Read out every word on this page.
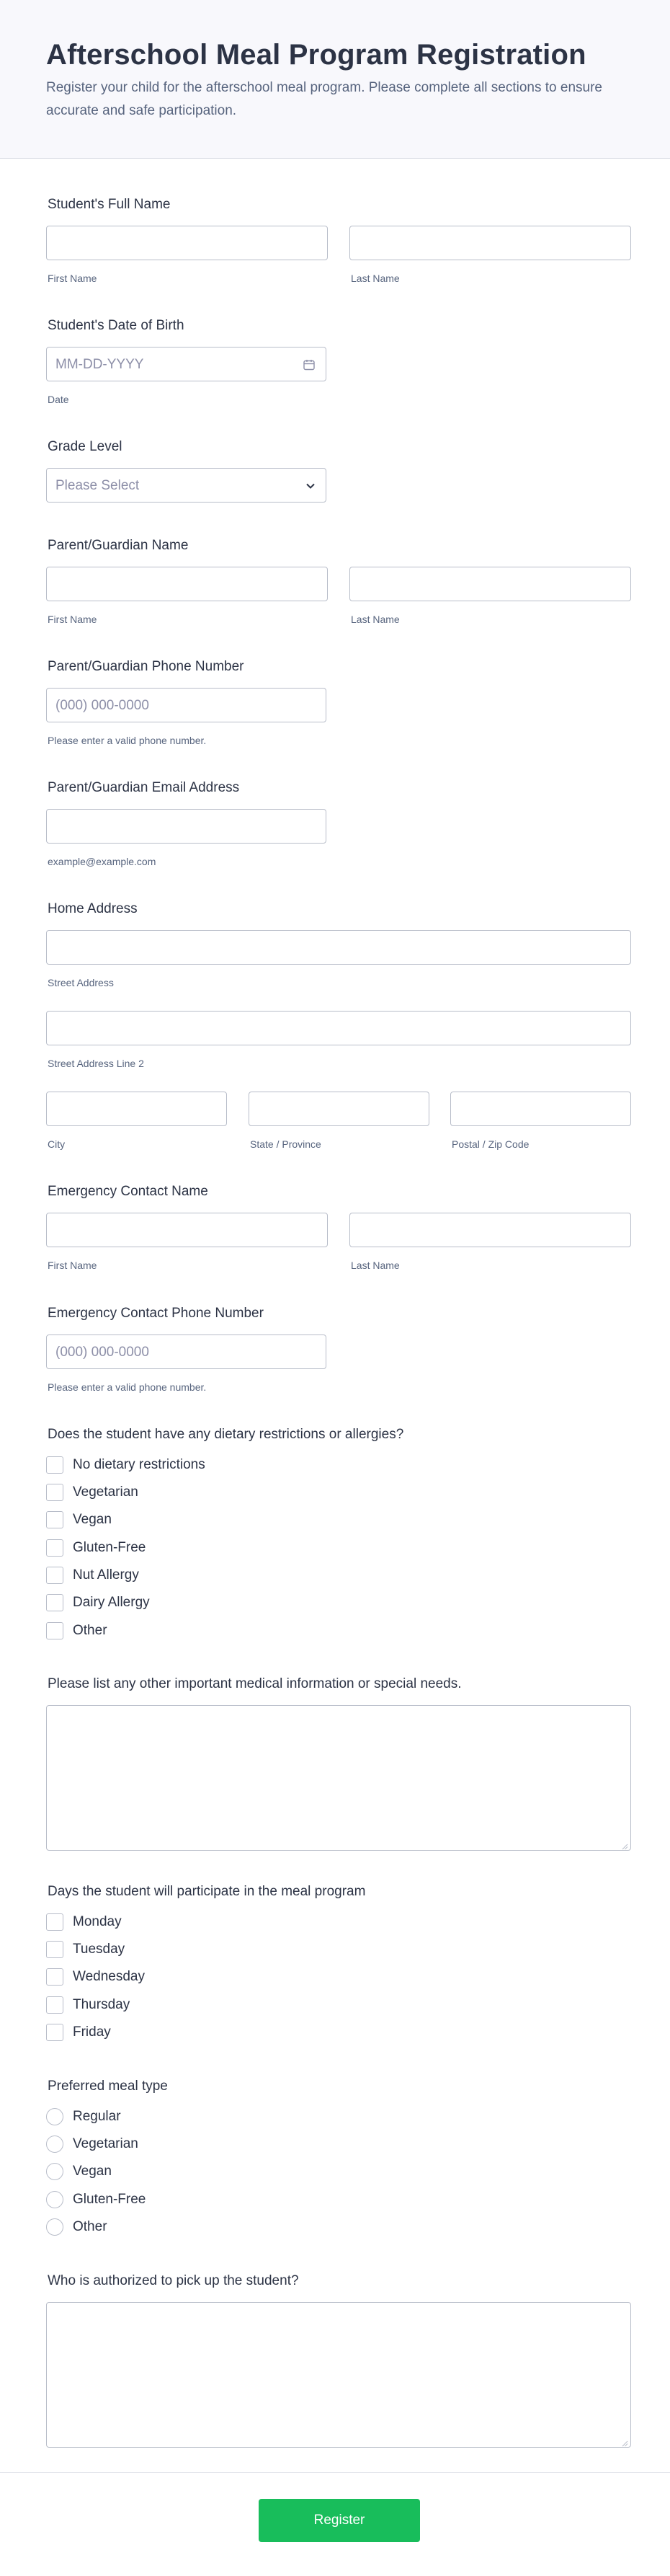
Afterschool Meal Program Registration

Register your child for the afterschool meal program. Please complete all sections to ensure accurate and safe participation.

Student's Full Name
First Name	Last Name
Student's Date of Birth
MM-DD-YYYY
Date
Grade Level
Please Select
Parent/Guardian Name
First Name	Last Name
Parent/Guardian Phone Number
(000) 000-0000
Please enter a valid phone number.
Parent/Guardian Email Address
example@example.com
Home Address
Street Address
Street Address Line 2
City	State / Province	Postal / Zip Code
Emergency Contact Name
First Name	Last Name
Emergency Contact Phone Number
(000) 000-0000
Please enter a valid phone number.
Does the student have any dietary restrictions or allergies?
No dietary restrictions
Vegetarian
Vegan
Gluten-Free
Nut Allergy
Dairy Allergy
Other
Please list any other important medical information or special needs.
Days the student will participate in the meal program
Monday
Tuesday
Wednesday
Thursday
Friday
Preferred meal type
Regular
Vegetarian
Vegan
Gluten-Free
Other
Who is authorized to pick up the student?
Register
